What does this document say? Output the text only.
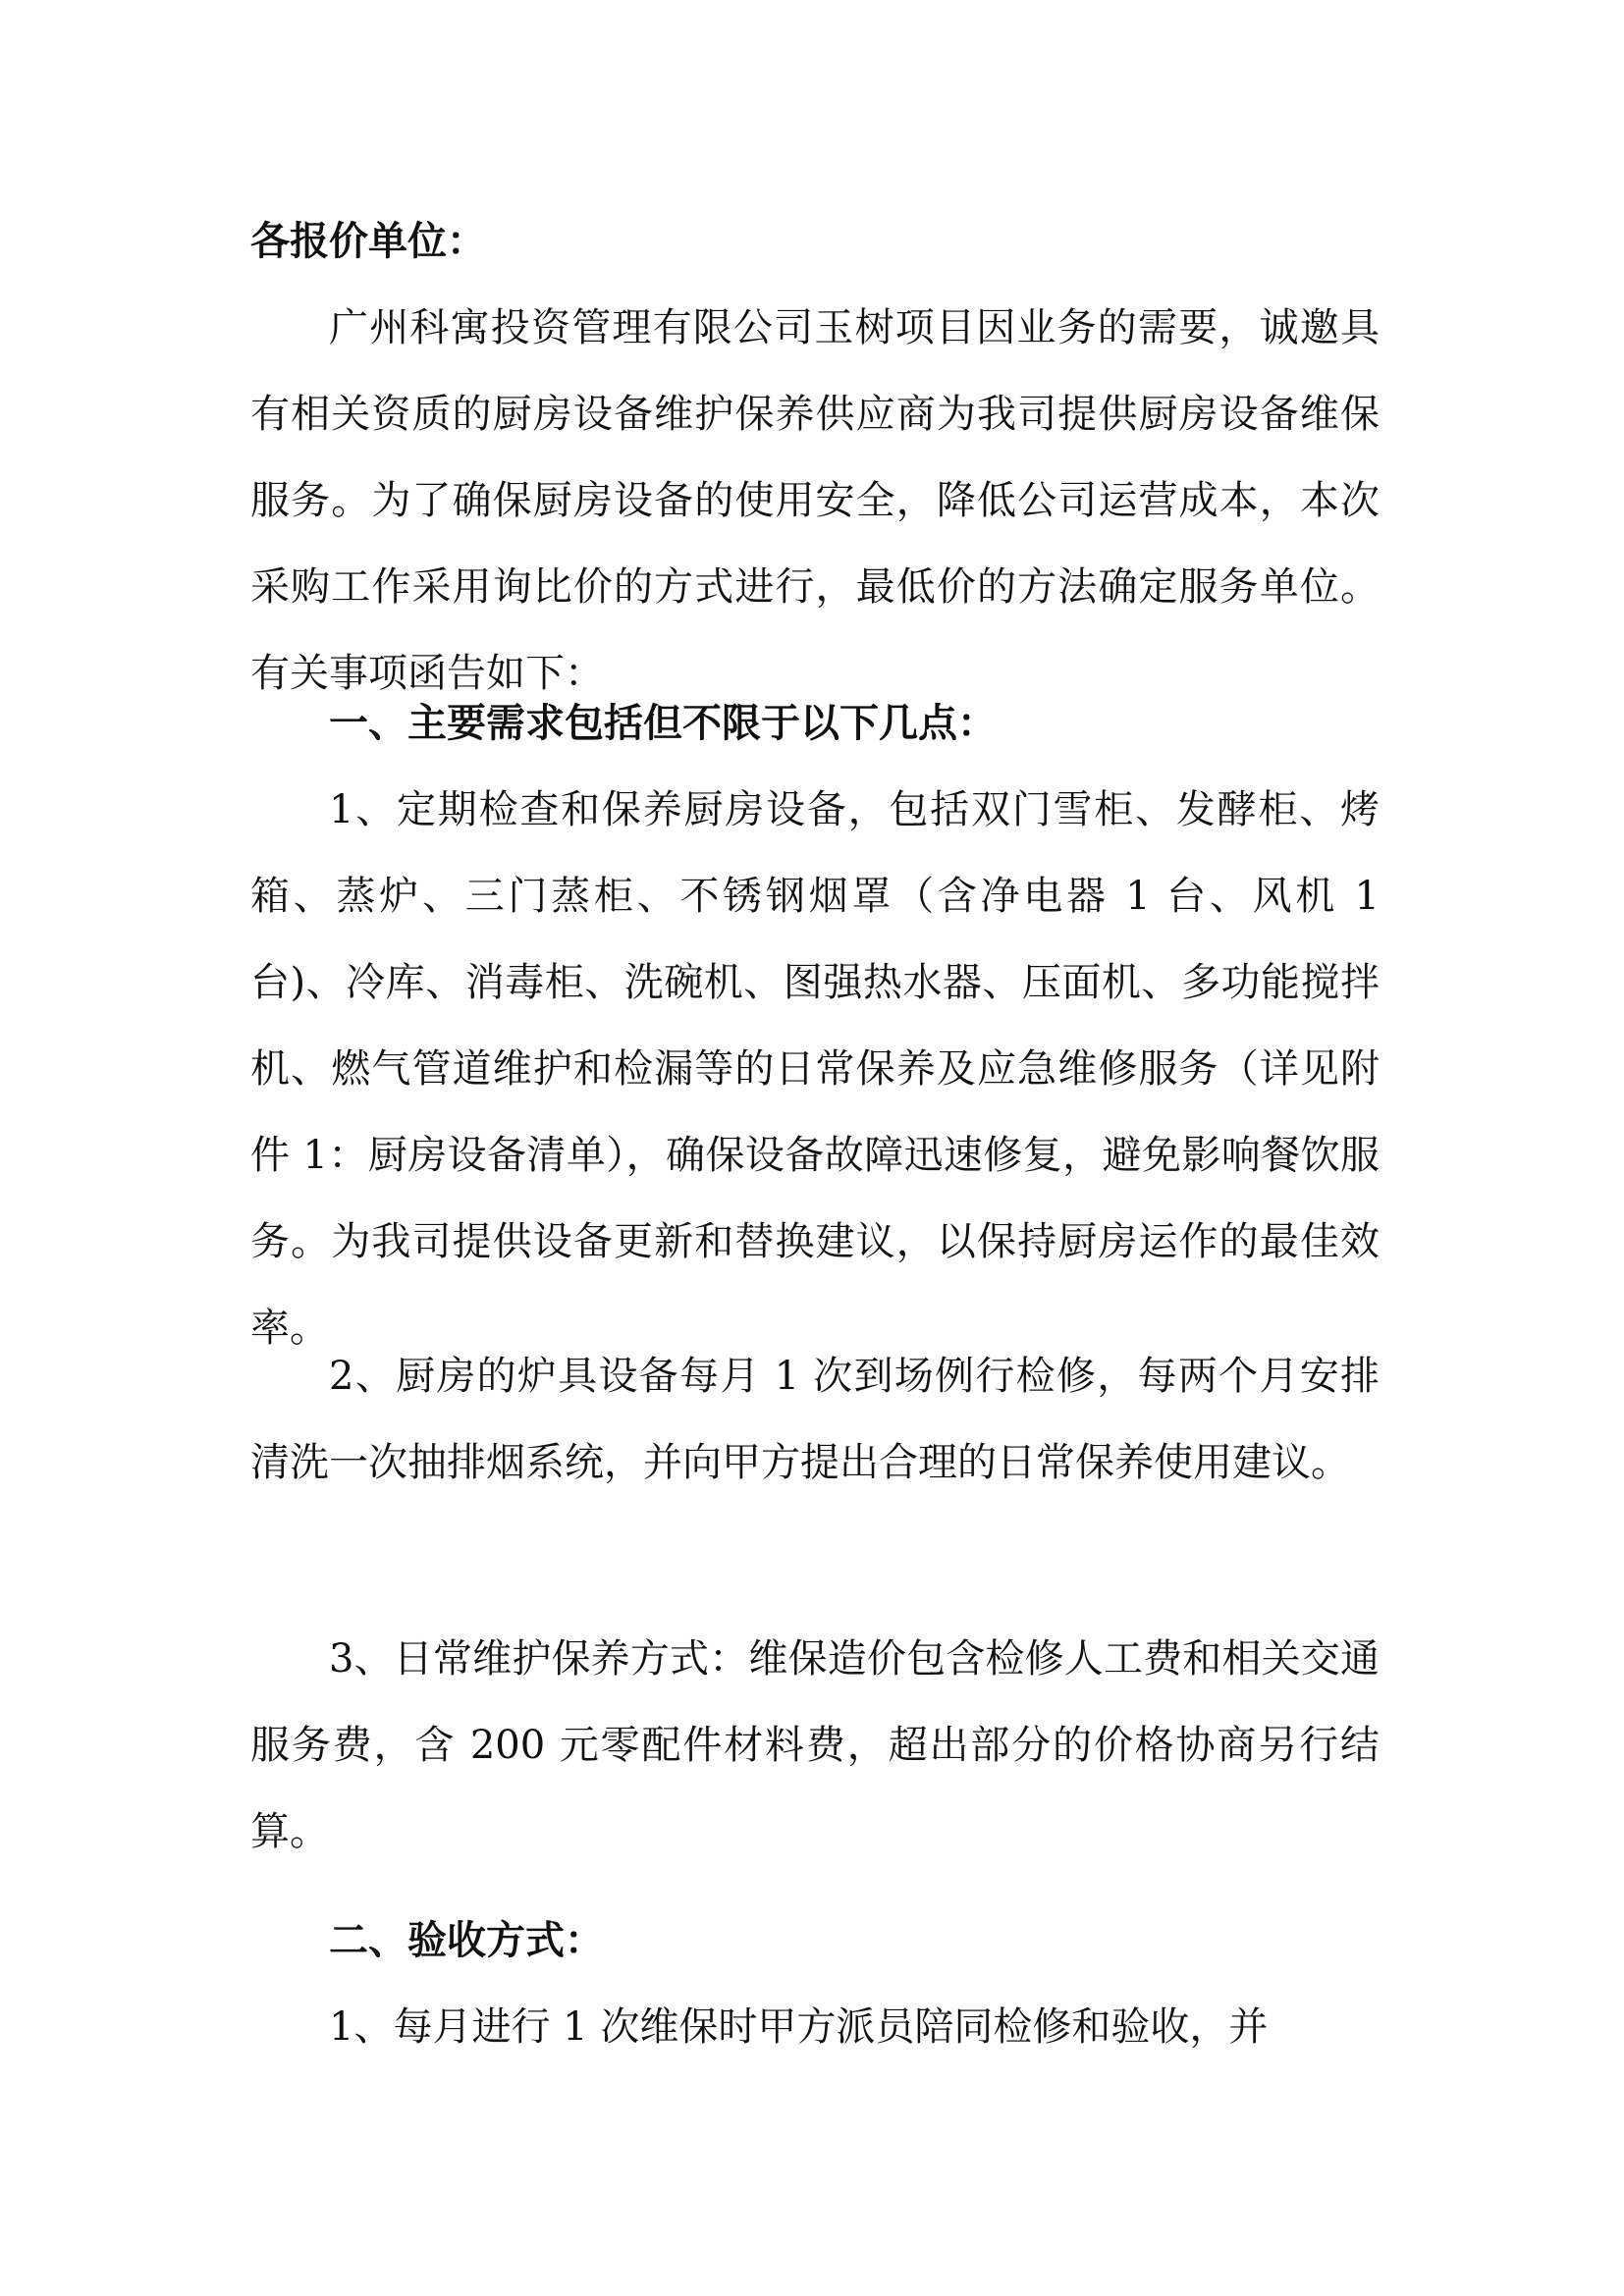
各报价单位：

广州科寓投资管理有限公司玉树项目因业务的需要，诚邀具有相关资质的厨房设备维护保养供应商为我司提供厨房设备维保服务。为了确保厨房设备的使用安全，降低公司运营成本，本次采购工作采用询比价的方式进行，最低价的方法确定服务单位。有关事项函告如下：

一、主要需求包括但不限于以下几点：

1、定期检查和保养厨房设备，包括双门雪柜、发酵柜、烤箱、蒸炉、三门蒸柜、不锈钢烟罩（含净电器 1 台、风机 1 台)、冷库、消毒柜、洗碗机、图强热水器、压面机、多功能搅拌机、燃气管道维护和检漏等的日常保养及应急维修服务（详见附件 1：厨房设备清单），确保设备故障迅速修复，避免影响餐饮服务。为我司提供设备更新和替换建议，以保持厨房运作的最佳效率。

2、厨房的炉具设备每月 1 次到场例行检修，每两个月安排清洗一次抽排烟系统，并向甲方提出合理的日常保养使用建议。

3、日常维护保养方式：维保造价包含检修人工费和相关交通服务费，含 200 元零配件材料费，超出部分的价格协商另行结算。

二、验收方式：

1、每月进行 1 次维保时甲方派员陪同检修和验收，并
